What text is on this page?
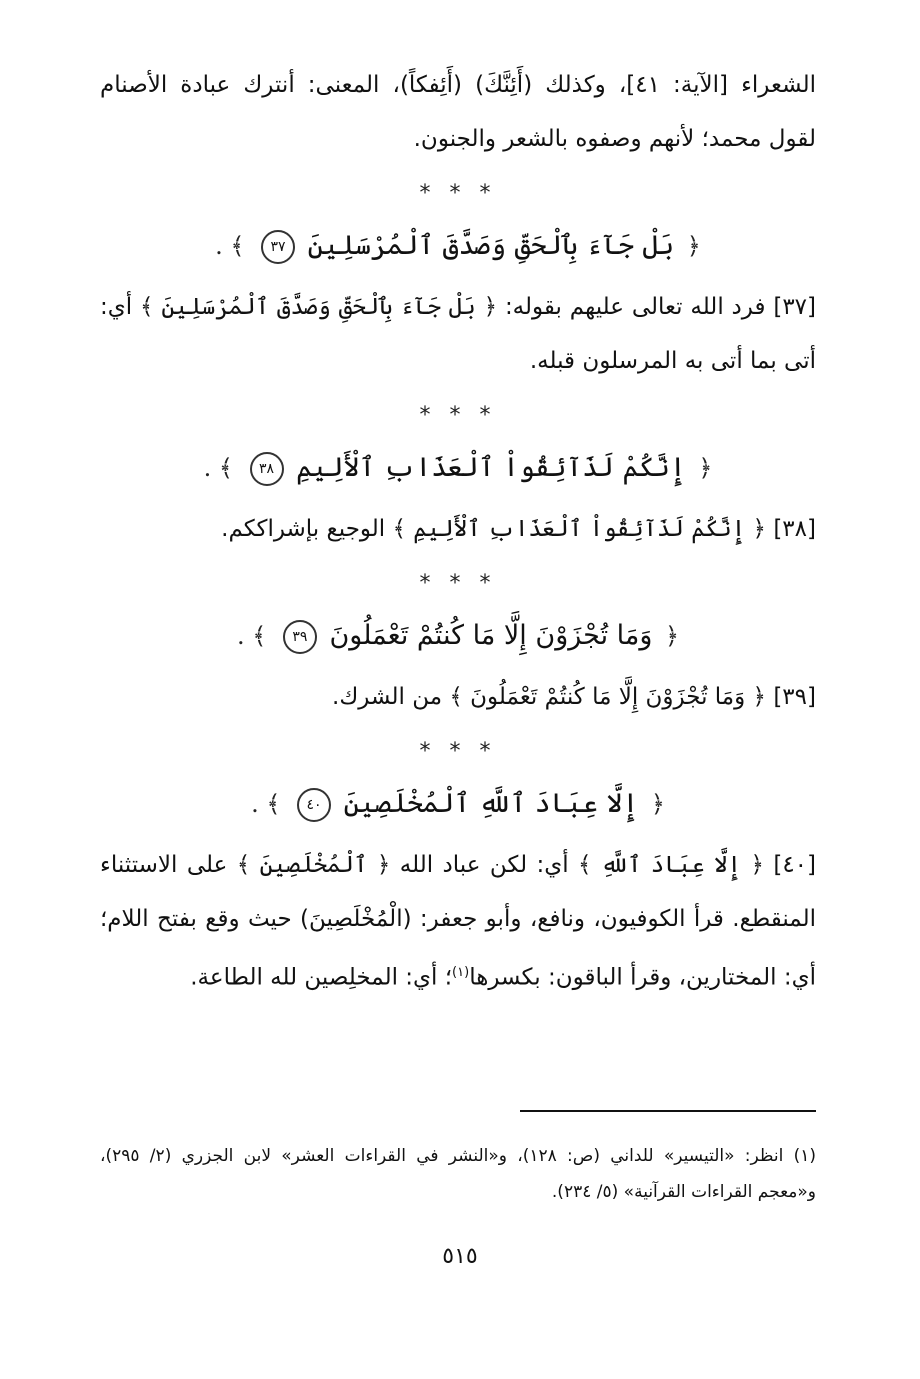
الشعراء [الآية: ٤١]، وكذلك (أَئِنَّكَ) (أَئِفكاً)، المعنى: أنترك عبادة الأصنام لقول محمد؛ لأنهم وصفوه بالشعر والجنون.

* * *
﴿ بَلْ جَآءَ بِٱلْحَقِّ وَصَدَّقَ ٱلْمُرْسَلِينَ ٣٧ ﴾ .

[٣٧] فرد الله تعالى عليهم بقوله: ﴿ بَلْ جَآءَ بِٱلْحَقِّ وَصَدَّقَ ٱلْمُرْسَلِينَ ﴾ أي: أتى بما أتى به المرسلون قبله.

* * *
﴿ إِنَّكُمْ لَذَآئِقُواْ ٱلْعَذَابِ ٱلْأَلِيمِ ٣٨ ﴾ .

[٣٨] ﴿ إِنَّكُمْ لَذَآئِقُواْ ٱلْعَذَابِ ٱلْأَلِيمِ ﴾ الوجيع بإشراككم.

* * *
﴿ وَمَا تُجْزَوْنَ إِلَّا مَا كُنتُمْ تَعْمَلُونَ ٣٩ ﴾ .

[٣٩] ﴿ وَمَا تُجْزَوْنَ إِلَّا مَا كُنتُمْ تَعْمَلُونَ ﴾ من الشرك.

* * *
﴿ إِلَّا عِبَادَ ٱللَّهِ ٱلْمُخْلَصِينَ ٤٠ ﴾ .

[٤٠] ﴿ إِلَّا عِبَادَ ٱللَّهِ ﴾ أي: لكن عباد الله ﴿ ٱلْمُخْلَصِينَ ﴾ على الاستثناء المنقطع. قرأ الكوفيون، ونافع، وأبو جعفر: (الْمُخْلَصِينَ) حيث وقع بفتح اللام؛ أي: المختارين، وقرأ الباقون: بكسرها$^{(١)}$؛ أي: المخلِصين لله الطاعة.

(١) انظر: «التيسير» للداني (ص: ١٢٨)، و«النشر في القراءات العشر» لابن الجزري (٢/ ٢٩٥)، و«معجم القراءات القرآنية» (٥/ ٢٣٤).
٥١٥
